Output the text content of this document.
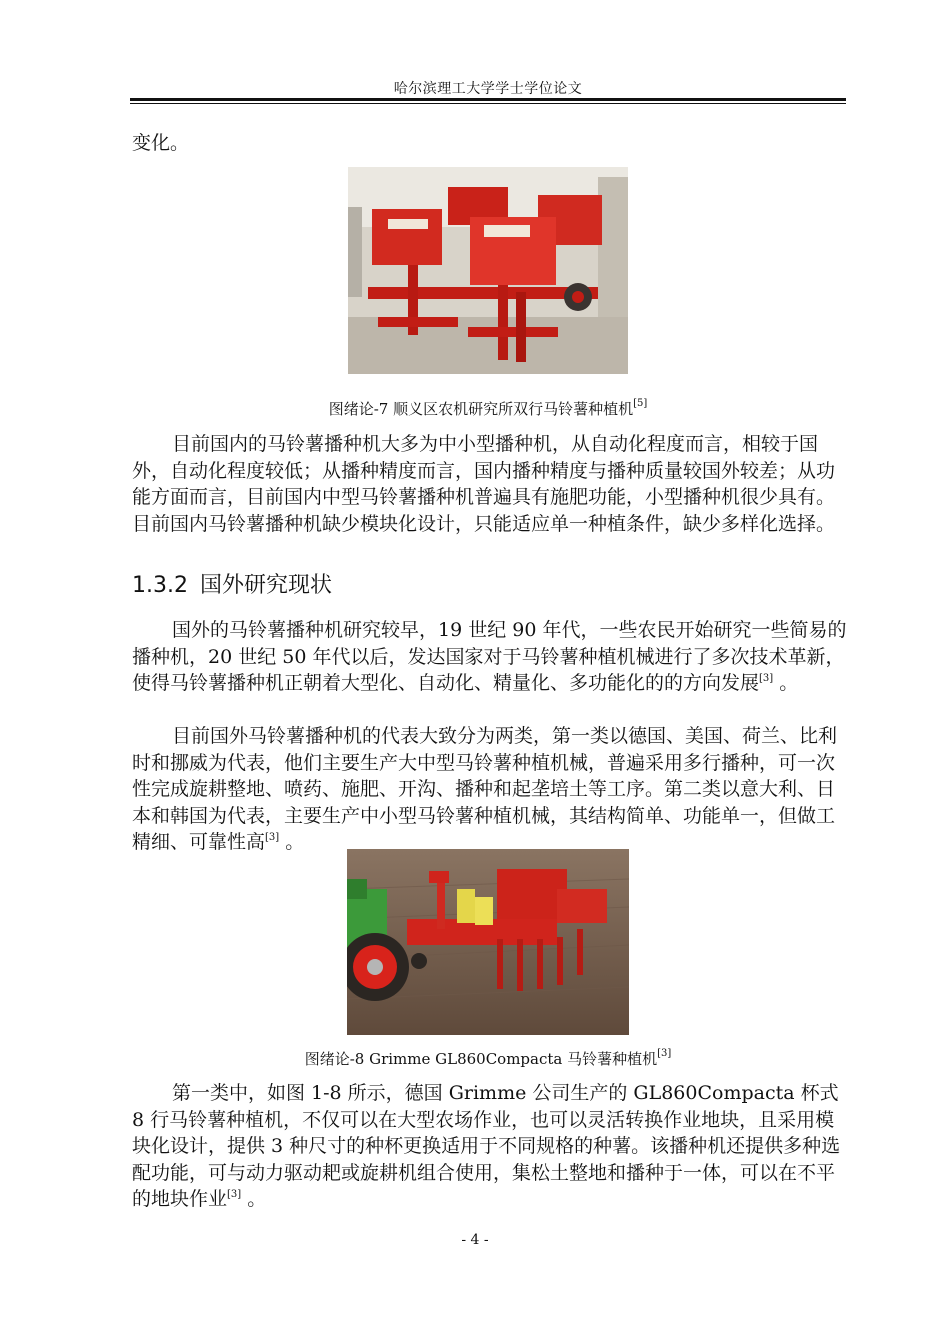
哈尔滨理工大学学士学位论文
变化。
图绪论-7 顺义区农机研究所双行马铃薯种植机[5]
目前国内的马铃薯播种机大多为中小型播种机，从自动化程度而言，相较于国外，自动化程度较低；从播种精度而言，国内播种精度与播种质量较国外较差；从功能方面而言，目前国内中型马铃薯播种机普遍具有施肥功能，小型播种机很少具有。目前国内马铃薯播种机缺少模块化设计，只能适应单一种植条件，缺少多样化选择。
1.3.2 国外研究现状
国外的马铃薯播种机研究较早，19 世纪 90 年代，一些农民开始研究一些简易的播种机，20 世纪 50 年代以后，发达国家对于马铃薯种植机械进行了多次技术革新，使得马铃薯播种机正朝着大型化、自动化、精量化、多功能化的的方向发展[3] 。
目前国外马铃薯播种机的代表大致分为两类，第一类以德国、美国、荷兰、比利时和挪威为代表，他们主要生产大中型马铃薯种植机械，普遍采用多行播种，可一次性完成旋耕整地、喷药、施肥、开沟、播种和起垄培土等工序。第二类以意大利、日本和韩国为代表，主要生产中小型马铃薯种植机械，其结构简单、功能单一，但做工精细、可靠性高[3] 。
图绪论-8 Grimme GL860Compacta 马铃薯种植机[3]
第一类中，如图 1-8 所示，德国 Grimme 公司生产的 GL860Compacta 杯式 8 行马铃薯种植机，不仅可以在大型农场作业，也可以灵活转换作业地块，且采用模块化设计，提供 3 种尺寸的种杯更换适用于不同规格的种薯。该播种机还提供多种选配功能，可与动力驱动耙或旋耕机组合使用，集松土整地和播种于一体，可以在不平的地块作业[3] 。
- 4 -
